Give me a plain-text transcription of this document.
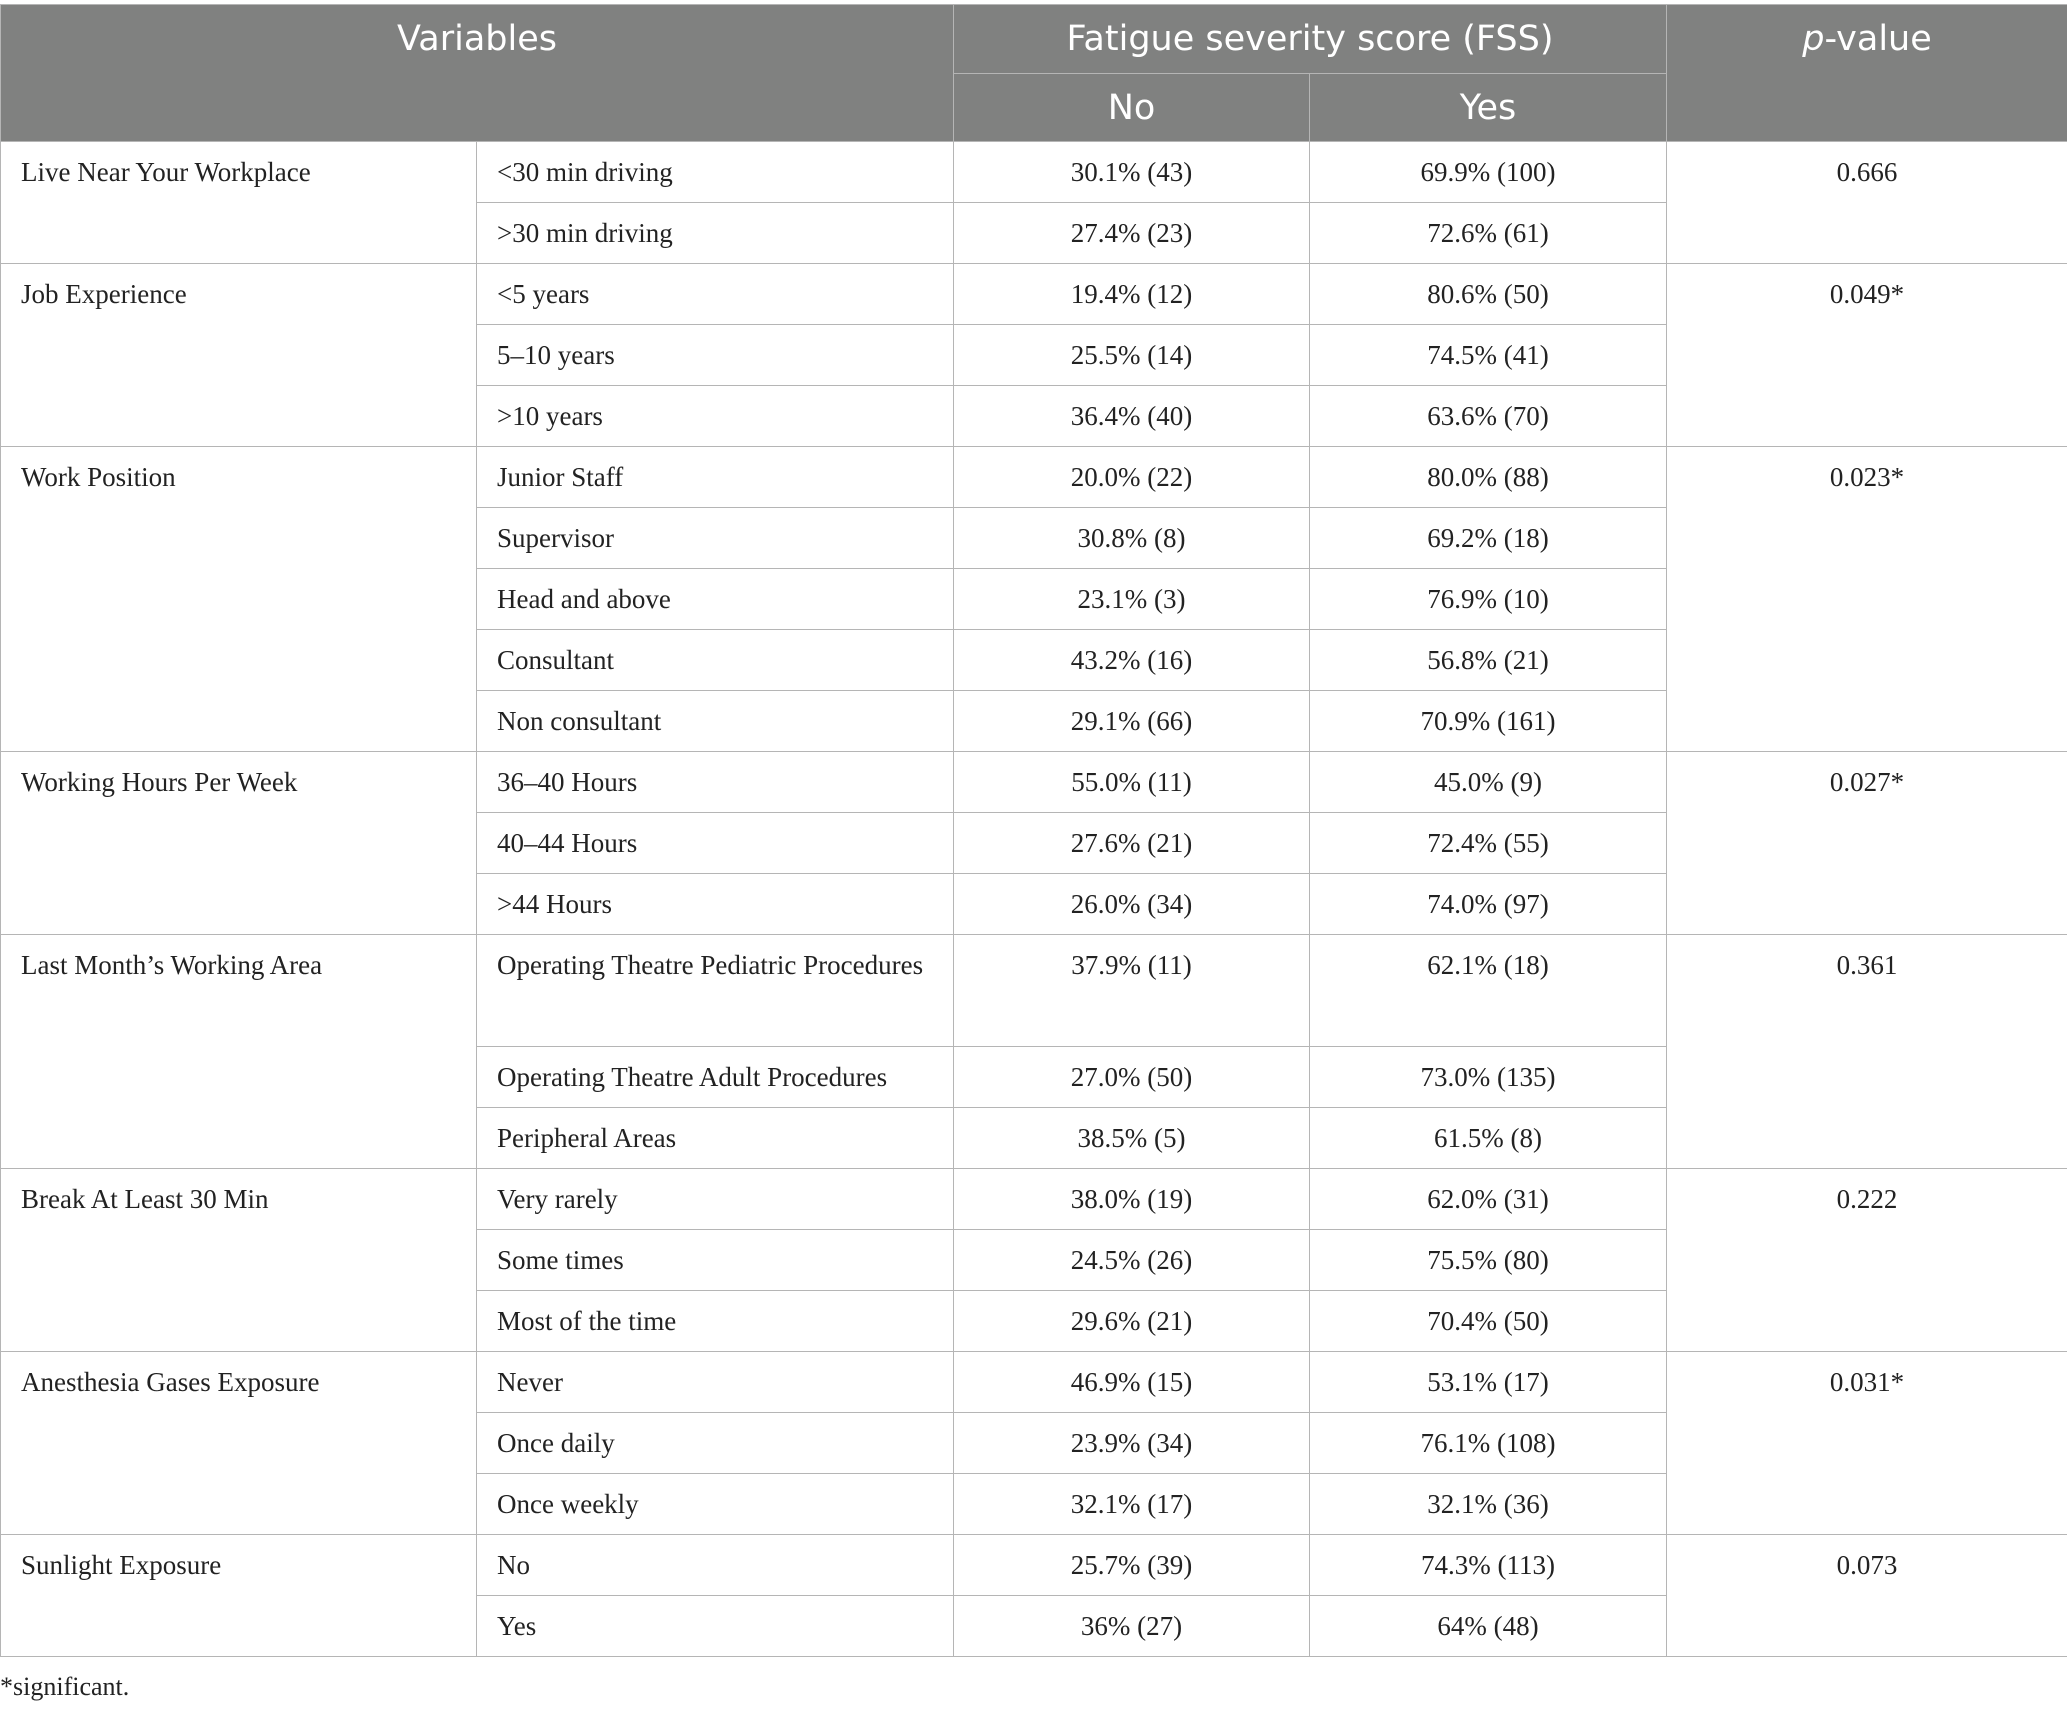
Variables		Fatigue severity score (FSS)		p-value
		No	Yes	
Live Near Your Workplace	<30 min driving	30.1% (43)	69.9% (100)	0.666
	>30 min driving	27.4% (23)	72.6% (61)	
Job Experience	<5 years	19.4% (12)	80.6% (50)	0.049*
	5–10 years	25.5% (14)	74.5% (41)	
	>10 years	36.4% (40)	63.6% (70)	
Work Position	Junior Staff	20.0% (22)	80.0% (88)	0.023*
	Supervisor	30.8% (8)	69.2% (18)	
	Head and above	23.1% (3)	76.9% (10)	
	Consultant	43.2% (16)	56.8% (21)	
	Non consultant	29.1% (66)	70.9% (161)	
Working Hours Per Week	36–40 Hours	55.0% (11)	45.0% (9)	0.027*
	40–44 Hours	27.6% (21)	72.4% (55)	
	>44 Hours	26.0% (34)	74.0% (97)	
Last Month’s Working Area	Operating Theatre Pediatric Procedures	37.9% (11)	62.1% (18)	0.361
	Operating Theatre Adult Procedures	27.0% (50)	73.0% (135)	
	Peripheral Areas	38.5% (5)	61.5% (8)	
Break At Least 30 Min	Very rarely	38.0% (19)	62.0% (31)	0.222
	Some times	24.5% (26)	75.5% (80)	
	Most of the time	29.6% (21)	70.4% (50)	
Anesthesia Gases Exposure	Never	46.9% (15)	53.1% (17)	0.031*
	Once daily	23.9% (34)	76.1% (108)	
	Once weekly	32.1% (17)	32.1% (36)	
Sunlight Exposure	No	25.7% (39)	74.3% (113)	0.073
	Yes	36% (27)	64% (48)	
*significant.
